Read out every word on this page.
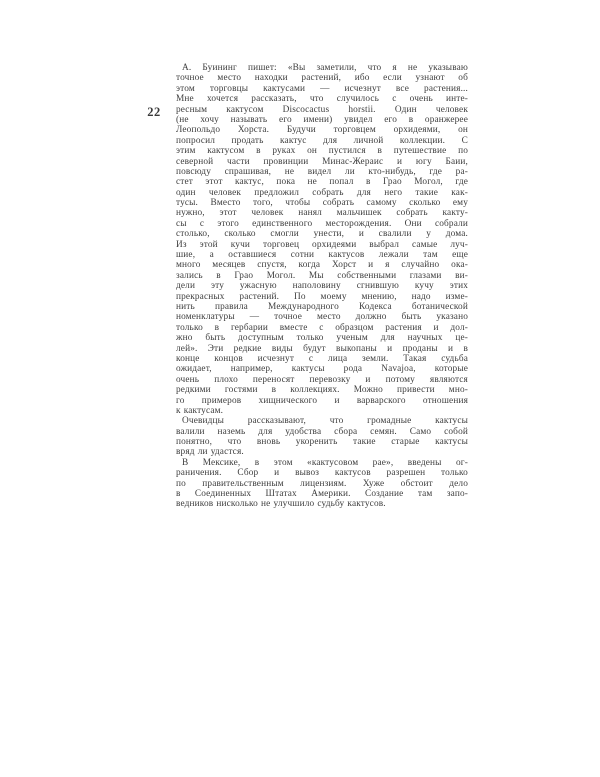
22
А. Буининг пишет: «Вы заметили, что я не указываю
точное место находки растений, ибо если узнают об
этом торговцы кактусами — исчезнут все растения...
Мне хочется рассказать, что случилось с очень инте-
ресным кактусом Discocactus horstii. Один человек
(не хочу называть его имени) увидел его в оранжерее
Леопольдо Хорста. Будучи торговцем орхидеями, он
попросил продать кактус для личной коллекции. С
этим кактусом в руках он пустился в путешествие по
северной части провинции Минас-Жераис и югу Баии,
повсюду спрашивая, не видел ли кто-нибудь, где ра-
стет этот кактус, пока не попал в Грао Могол, где
один человек предложил собрать для него такие как-
тусы. Вместо того, чтобы собрать самому сколько ему
нужно, этот человек нанял мальчишек собрать какту-
сы с этого единственного месторождения. Они собрали
столько, сколько смогли унести, и свалили у дома.
Из этой кучи торговец орхидеями выбрал самые луч-
шие, а оставшиеся сотни кактусов лежали там еще
много месяцев спустя, когда Хорст и я случайно ока-
зались в Грао Могол. Мы собственными глазами ви-
дели эту ужасную наполовину сгнившую кучу этих
прекрасных растений. По моему мнению, надо изме-
нить правила Международного Кодекса ботанической
номенклатуры — точное место должно быть указано
только в гербарии вместе с образцом растения и дол-
жно быть доступным только ученым для научных це-
лей». Эти редкие виды будут выкопаны и проданы и в
конце концов исчезнут с лица земли. Такая судьба
ожидает, например, кактусы рода Navajoa, которые
очень плохо переносят перевозку и потому являются
редкими гостями в коллекциях. Можно привести мно-
го примеров хищнического и варварского отношения
к кактусам.
Очевидцы рассказывают, что громадные кактусы
валили наземь для удобства сбора семян. Само собой
понятно, что вновь укоренить такие старые кактусы
вряд ли удастся.
В Мексике, в этом «кактусовом рае», введены ог-
раничения. Сбор и вывоз кактусов разрешен только
по правительственным лицензиям. Хуже обстоит дело
в Соединенных Штатах Америки. Создание там запо-
ведников нисколько не улучшило судьбу кактусов.
